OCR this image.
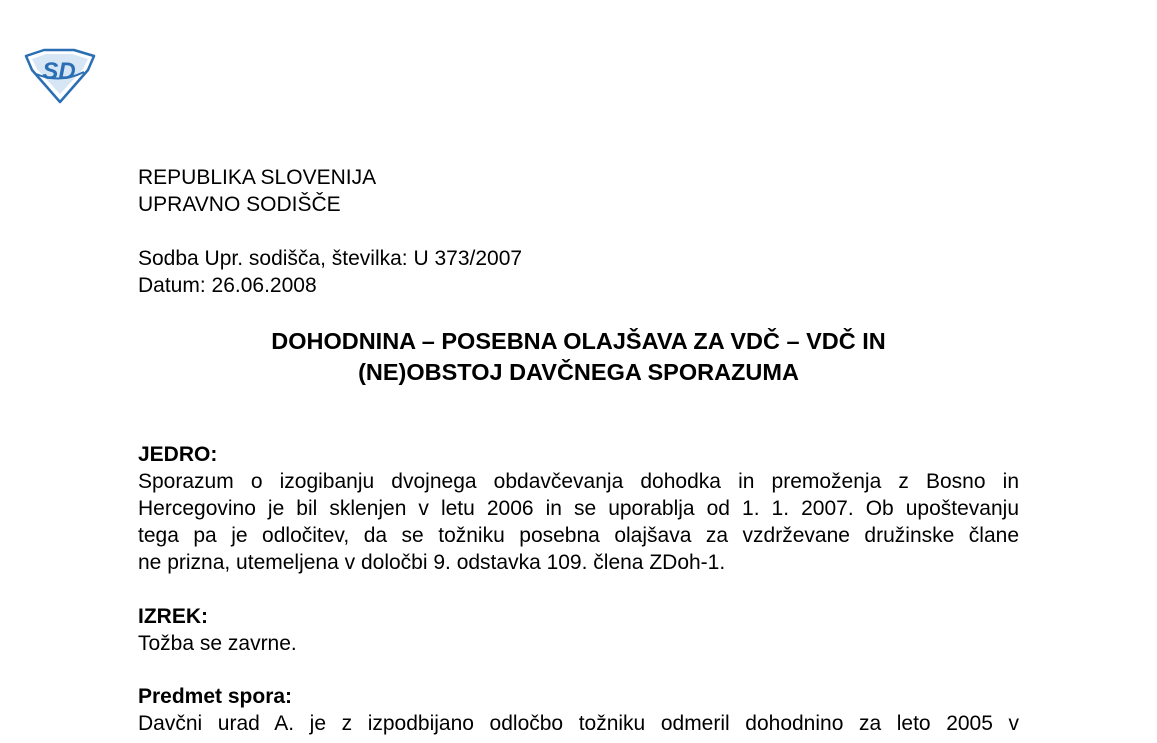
SD
REPUBLIKA SLOVENIJA
UPRAVNO SODIŠČE
Sodba Upr. sodišča, številka: U 373/2007
Datum: 26.06.2008
DOHODNINA – POSEBNA OLAJŠAVA ZA VDČ – VDČ IN
(NE)OBSTOJ DAVČNEGA SPORAZUMA
JEDRO:
Sporazum o izogibanju dvojnega obdavčevanja dohodka in premoženja z Bosno in
Hercegovino je bil sklenjen v letu 2006 in se uporablja od 1. 1. 2007. Ob upoštevanju
tega pa je odločitev, da se tožniku posebna olajšava za vzdrževane družinske člane
ne prizna, utemeljena v določbi 9. odstavka 109. člena ZDoh-1.
IZREK:
Tožba se zavrne.
Predmet spora:
Davčni urad A. je z izpodbijano odločbo tožniku odmeril dohodnino za leto 2005 v
